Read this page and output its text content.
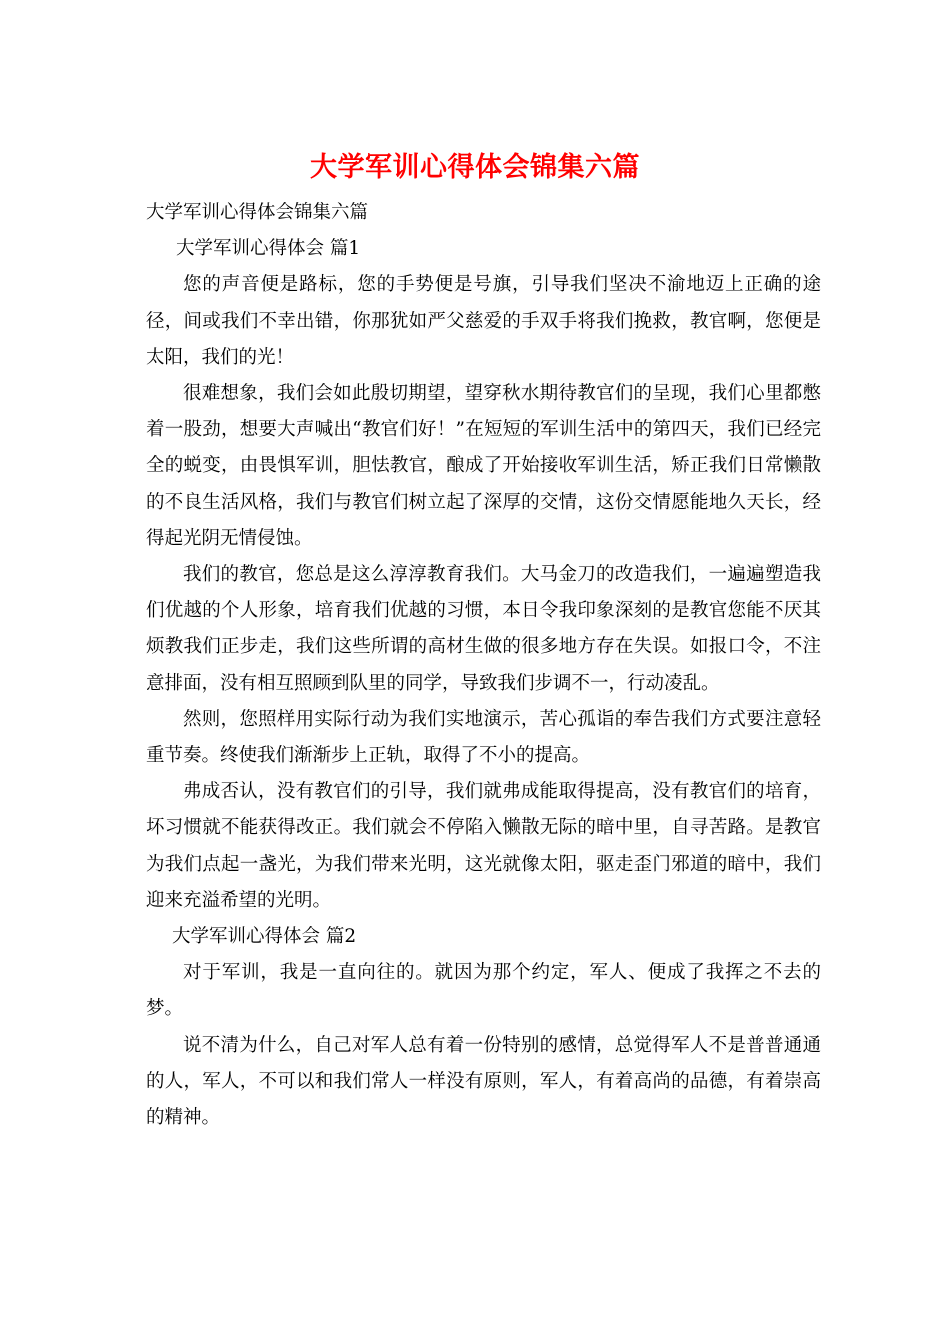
大学军训心得体会锦集六篇

大学军训心得体会锦集六篇

大学军训心得体会 篇1

您的声音便是路标，您的手势便是号旗，引导我们坚决不渝地迈上正确的途径，间或我们不幸出错，你那犹如严父慈爱的手双手将我们挽救，教官啊，您便是太阳，我们的光！

很难想象，我们会如此殷切期望，望穿秋水期待教官们的呈现，我们心里都憋着一股劲，想要大声喊出“教官们好！”在短短的军训生活中的第四天，我们已经完全的蜕变，由畏惧军训，胆怯教官，酿成了开始接收军训生活，矫正我们日常懒散的不良生活风格，我们与教官们树立起了深厚的交情，这份交情愿能地久天长，经得起光阴无情侵蚀。

我们的教官，您总是这么淳淳教育我们。大马金刀的改造我们，一遍遍塑造我们优越的个人形象，培育我们优越的习惯，本日令我印象深刻的是教官您能不厌其烦教我们正步走，我们这些所谓的高材生做的很多地方存在失误。如报口令，不注意排面，没有相互照顾到队里的同学，导致我们步调不一，行动凌乱。

然则，您照样用实际行动为我们实地演示，苦心孤诣的奉告我们方式要注意轻重节奏。终使我们渐渐步上正轨，取得了不小的提高。

弗成否认，没有教官们的引导，我们就弗成能取得提高，没有教官们的培育，坏习惯就不能获得改正。我们就会不停陷入懒散无际的暗中里，自寻苦路。是教官为我们点起一盏光，为我们带来光明，这光就像太阳，驱走歪门邪道的暗中，我们迎来充溢希望的光明。

大学军训心得体会 篇2

对于军训，我是一直向往的。就因为那个约定，军人、便成了我挥之不去的梦。

说不清为什么，自己对军人总有着一份特别的感情，总觉得军人不是普普通通的人，军人，不可以和我们常人一样没有原则，军人，有着高尚的品德，有着崇高的精神。
